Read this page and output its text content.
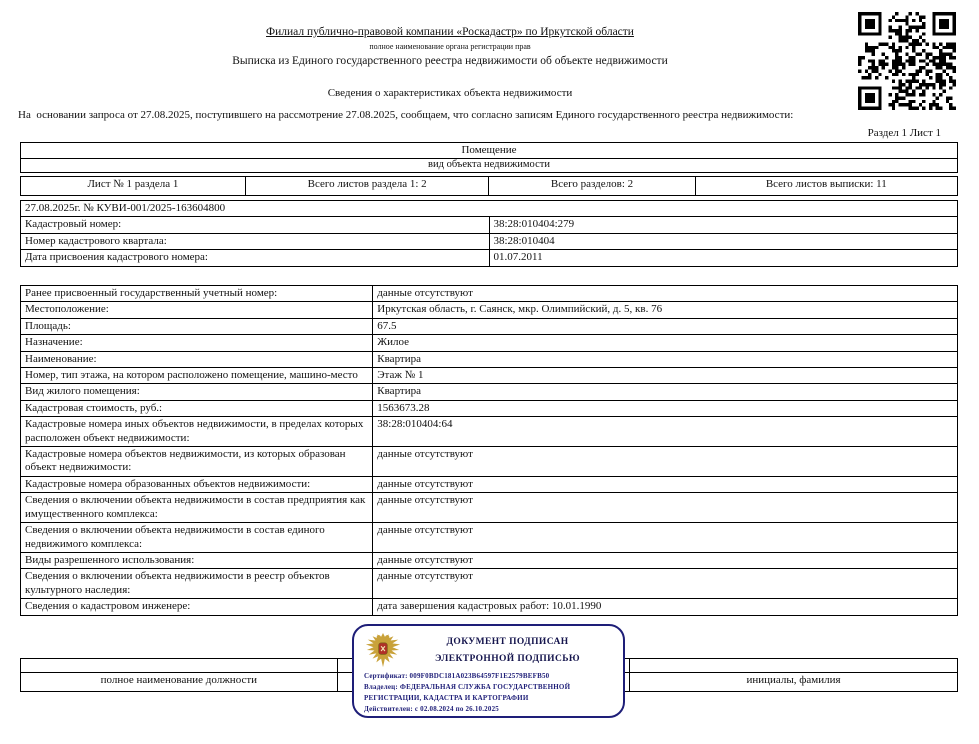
Филиал публично-правовой компании «Роскадастр» по Иркутской области
полное наименование органа регистрации прав
Выписка из Единого государственного реестра недвижимости об объекте недвижимости
Сведения о характеристиках объекта недвижимости
На  основании запроса от 27.08.2025, поступившего на рассмотрение 27.08.2025, сообщаем, что согласно записям Единого государственного реестра недвижимости:
Раздел 1 Лист 1
Помещение
вид объекта недвижимости
Лист № 1 раздела 1	Всего листов раздела 1: 2	Всего разделов: 2	Всего листов выписки: 11
27.08.2025г. № КУВИ-001/2025-163604800	
Кадастровый номер:	38:28:010404:279
Номер кадастрового квартала:	38:28:010404
Дата присвоения кадастрового номера:	01.07.2011
Ранее присвоенный государственный учетный номер:	данные отсутствуют
Местоположение:	Иркутская область, г. Саянск, мкр. Олимпийский, д. 5, кв. 76
Площадь:	67.5
Назначение:	Жилое
Наименование:	Квартира
Номер, тип этажа, на котором расположено помещение, машино-место	Этаж № 1
Вид жилого помещения:	Квартира
Кадастровая стоимость, руб.:	1563673.28
Кадастровые номера иных объектов недвижимости, в пределах которых расположен объект недвижимости:	38:28:010404:64
Кадастровые номера объектов недвижимости, из которых образован объект недвижимости:	данные отсутствуют
Кадастровые номера образованных объектов недвижимости:	данные отсутствуют
Сведения о включении объекта недвижимости в состав предприятия как имущественного комплекса:	данные отсутствуют
Сведения о включении объекта недвижимости в состав единого недвижимого комплекса:	данные отсутствуют
Виды разрешенного использования:	данные отсутствуют
Сведения о включении объекта недвижимости в реестр объектов культурного наследия:	данные отсутствуют
Сведения о кадастровом инженере:	дата завершения кадастровых работ: 10.01.1990

полное наименование должности		инициалы, фамилия
ДОКУМЕНТ ПОДПИСАН
ЭЛЕКТРОННОЙ ПОДПИСЬЮ
Сертификат: 009F0BDC181A023B64597F1E2579BEFB50
Владелец: ФЕДЕРАЛЬНАЯ СЛУЖБА ГОСУДАРСТВЕННОЙ
РЕГИСТРАЦИИ, КАДАСТРА И КАРТОГРАФИИ
Действителен: с 02.08.2024 по 26.10.2025
